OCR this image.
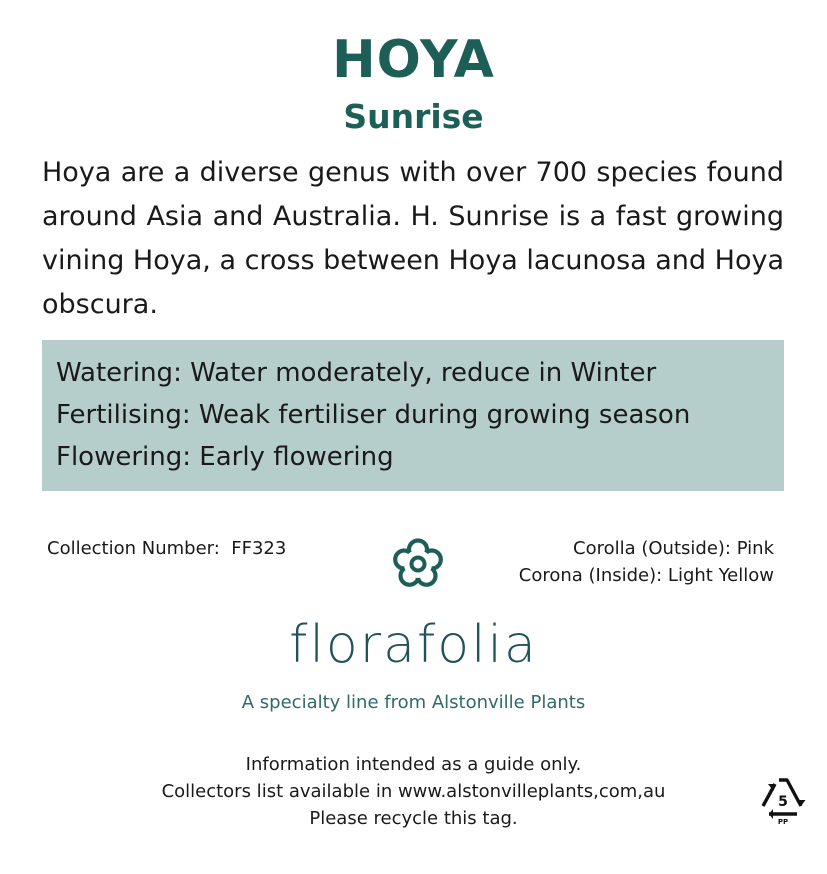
HOYA
Sunrise

Hoya are a diverse genus with over 700 species found around Asia and Australia. H. Sunrise is a fast growing vining Hoya, a cross between Hoya lacunosa and Hoya obscura.

Watering: Water moderately, reduce in Winter
Fertilising: Weak fertiliser during growing season
Flowering: Early flowering
Collection Number:  FF323	Corolla (Outside): Pink
Corona (Inside): Light Yellow
florafolia
A specialty line from Alstonville Plants
Information intended as a guide only.
Collectors list available in www.alstonvilleplants,com,au
Please recycle this tag.
5
PP
